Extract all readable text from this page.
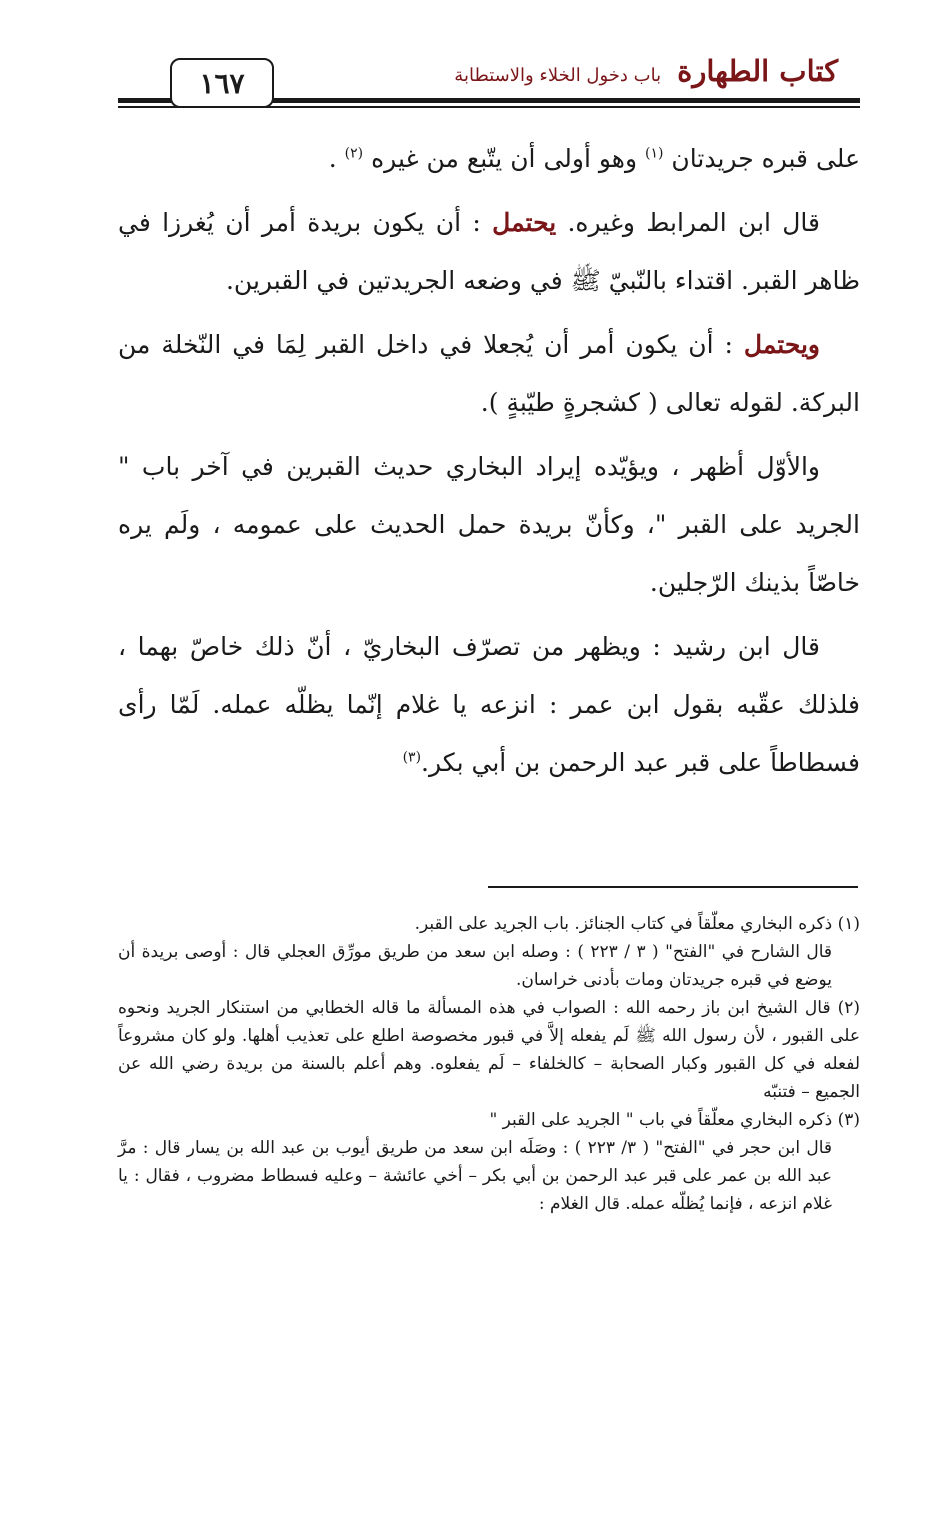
كتاب الطهارة
باب دخول الخلاء والاستطابة
١٦٧

على قبره جريدتان $^{(١)}$ وهو أولى أن يتّبع من غيره $^{(٢)}$ .

قال ابن المرابط وغيره. يحتمل : أن يكون بريدة أمر أن يُغرزا في ظاهر القبر. اقتداء بالنّبيّ ﷺ في وضعه الجريدتين في القبرين.

ويحتمل : أن يكون أمر أن يُجعلا في داخل القبر لِمَا في النّخلة من البركة. لقوله تعالى ( كشجرةٍ طيّبةٍ ).

والأوّل أظهر ، ويؤيّده إيراد البخاري حديث القبرين في آخر باب " الجريد على القبر "، وكأنّ بريدة حمل الحديث على عمومه ، ولَم يره خاصّاً بذينك الرّجلين.

قال ابن رشيد : ويظهر من تصرّف البخاريّ ، أنّ ذلك خاصّ بهما ، فلذلك عقّبه بقول ابن عمر : انزعه يا غلام إنّما يظلّه عمله. لَمّا رأى فسطاطاً على قبر عبد الرحمن بن أبي بكر.$^{(٣)}$

(١) ذكره البخاري معلّقاً في كتاب الجنائز. باب الجريد على القبر.

قال الشارح في "الفتح" ( ٣ / ٢٢٣ ) : وصله ابن سعد من طريق مورِّق العجلي قال : أوصى بريدة أن يوضع في قبره جريدتان ومات بأدنى خراسان.

(٢) قال الشيخ ابن باز رحمه الله : الصواب في هذه المسألة ما قاله الخطابي من استنكار الجريد ونحوه على القبور ، لأن رسول الله ﷺ لَم يفعله إلاَّ في قبور مخصوصة اطلع على تعذيب أهلها. ولو كان مشروعاً لفعله في كل القبور وكبار الصحابة – كالخلفاء – لَم يفعلوه. وهم أعلم بالسنة من بريدة رضي الله عن الجميع – فتنبّه

(٣) ذكره البخاري معلّقاً في باب " الجريد على القبر "

قال ابن حجر في "الفتح" ( ٣/ ٢٢٣ ) : وصَلَه ابن سعد من طريق أيوب بن عبد الله بن يسار قال : مرَّ عبد الله بن عمر على قبر عبد الرحمن بن أبي بكر – أخي عائشة – وعليه فسطاط مضروب ، فقال : يا غلام انزعه ، فإنما يُظلّه عمله. قال الغلام :
